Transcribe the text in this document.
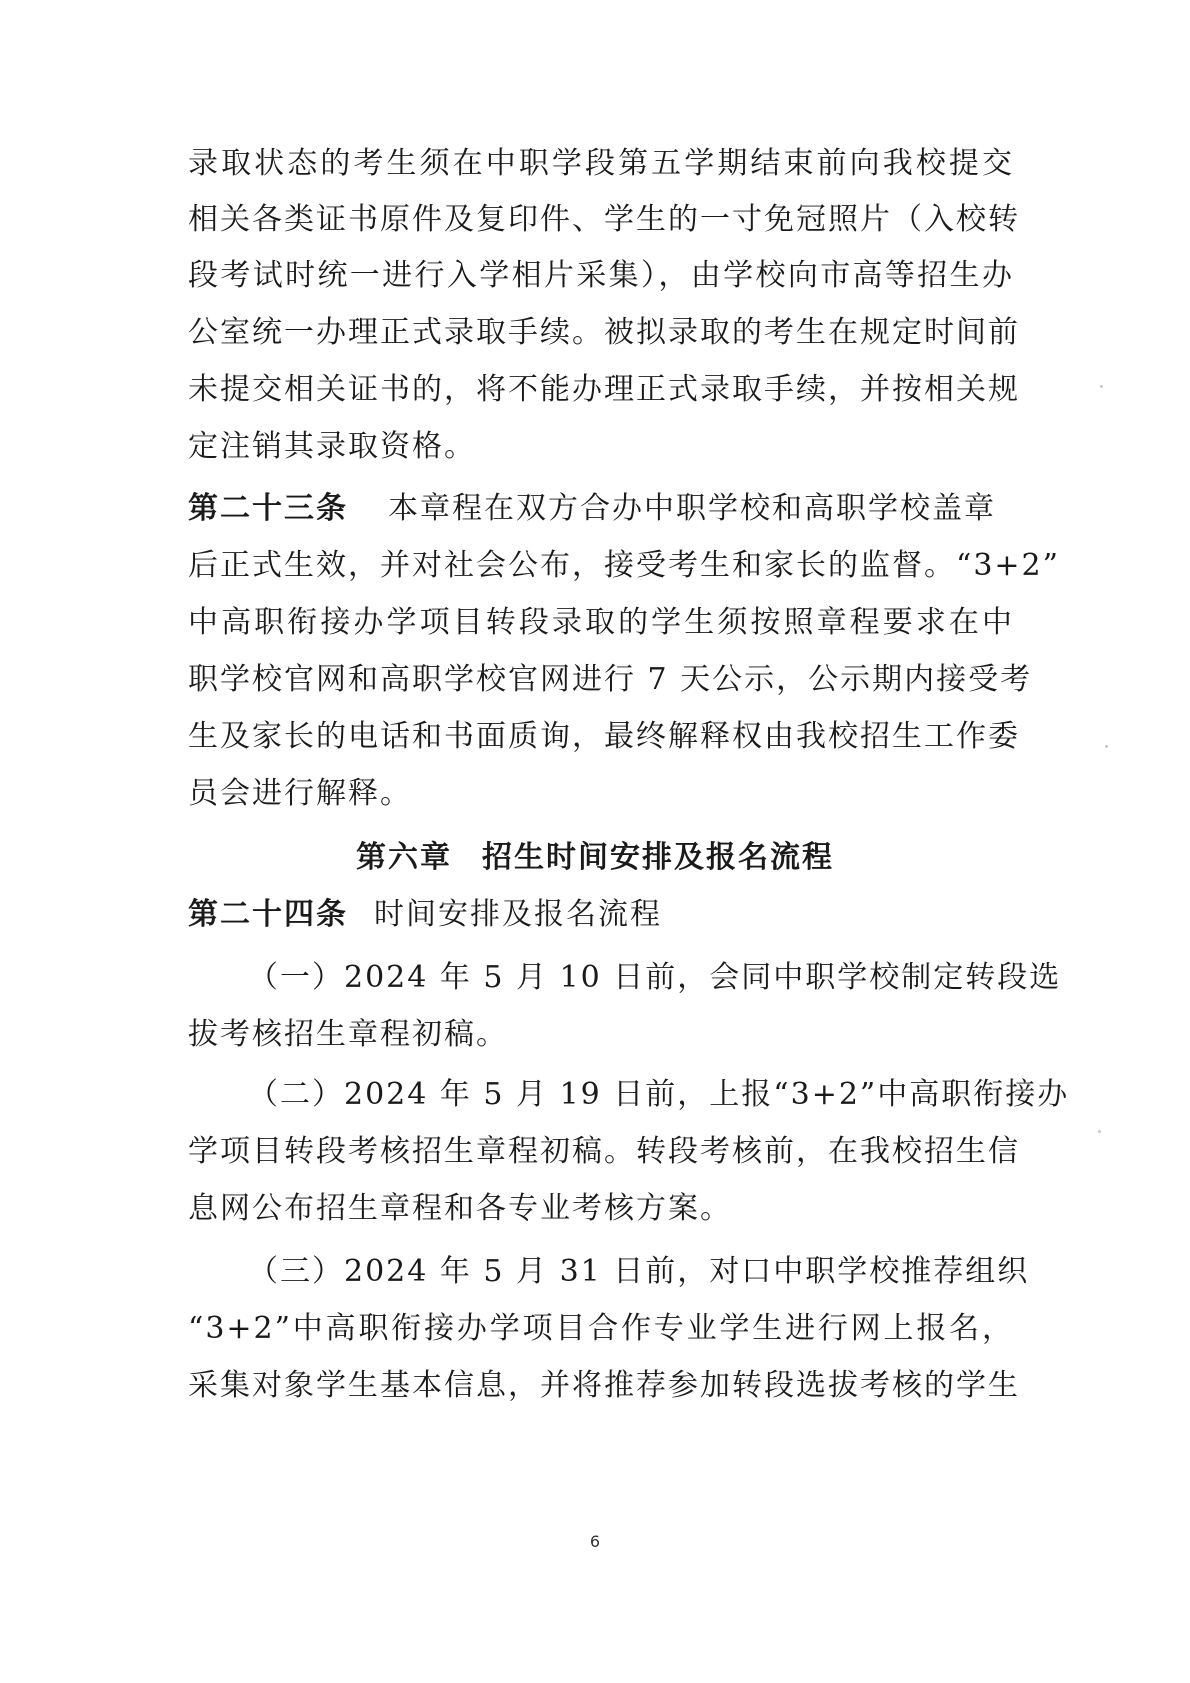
录取状态的考生须在中职学段第五学期结束前向我校提交
相关各类证书原件及复印件、学生的一寸免冠照片（入校转
段考试时统一进行入学相片采集），由学校向市高等招生办
公室统一办理正式录取手续。被拟录取的考生在规定时间前
未提交相关证书的，将不能办理正式录取手续，并按相关规
定注销其录取资格。
第二十三条 本章程在双方合办中职学校和高职学校盖章
后正式生效，并对社会公布，接受考生和家长的监督。“3+2”
中高职衔接办学项目转段录取的学生须按照章程要求在中
职学校官网和高职学校官网进行 7 天公示，公示期内接受考
生及家长的电话和书面质询，最终解释权由我校招生工作委
员会进行解释。
第六章 招生时间安排及报名流程
第二十四条 时间安排及报名流程
（一）2024 年 5 月 10 日前，会同中职学校制定转段选
拔考核招生章程初稿。
（二）2024 年 5 月 19 日前，上报“3+2”中高职衔接办
学项目转段考核招生章程初稿。转段考核前，在我校招生信
息网公布招生章程和各专业考核方案。
（三）2024 年 5 月 31 日前，对口中职学校推荐组织
“3+2”中高职衔接办学项目合作专业学生进行网上报名，
采集对象学生基本信息，并将推荐参加转段选拔考核的学生
6
